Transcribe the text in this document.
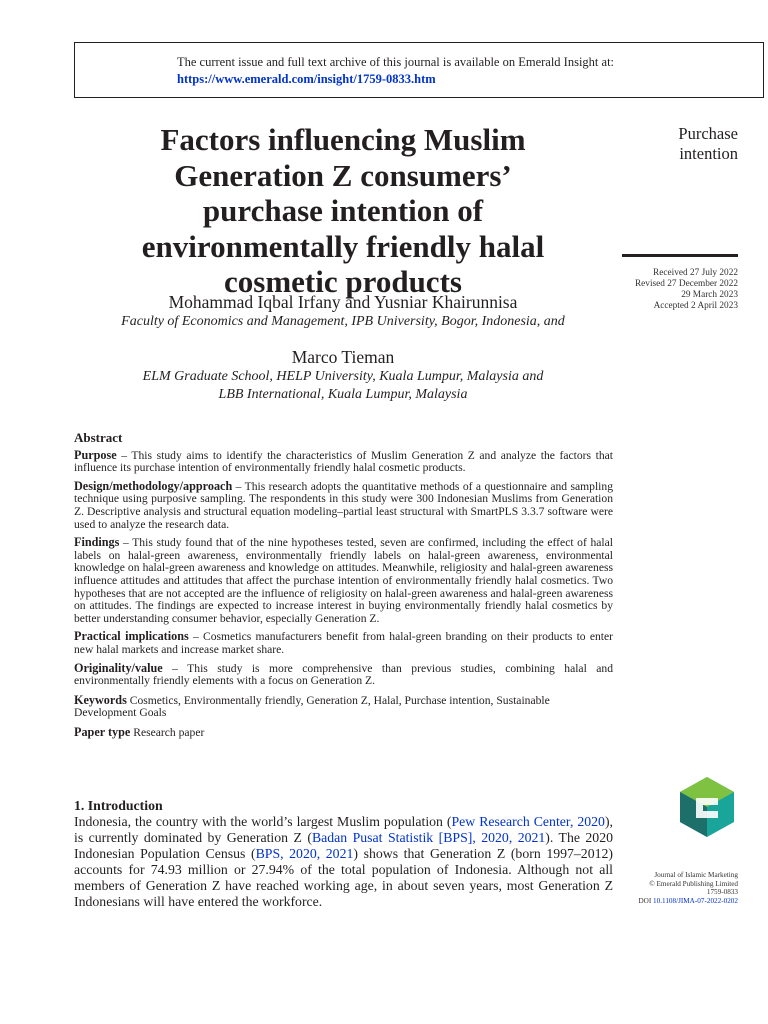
The current issue and full text archive of this journal is available on Emerald Insight at:
https://www.emerald.com/insight/1759-0833.htm
Factors influencing Muslim
Generation Z consumers’
purchase intention of
environmentally friendly halal
cosmetic products
Mohammad Iqbal Irfany and Yusniar Khairunnisa
Faculty of Economics and Management, IPB University, Bogor, Indonesia, and
Marco Tieman
ELM Graduate School, HELP University, Kuala Lumpur, Malaysia and
LBB International, Kuala Lumpur, Malaysia
Purchase
intention
Received 27 July 2022
Revised 27 December 2022
29 March 2023
Accepted 2 April 2023
Abstract

Purpose – This study aims to identify the characteristics of Muslim Generation Z and analyze the factors that influence its purchase intention of environmentally friendly halal cosmetic products.

Design/methodology/approach – This research adopts the quantitative methods of a questionnaire and sampling technique using purposive sampling. The respondents in this study were 300 Indonesian Muslims from Generation Z. Descriptive analysis and structural equation modeling–partial least structural with SmartPLS 3.3.7 software were used to analyze the research data.

Findings – This study found that of the nine hypotheses tested, seven are confirmed, including the effect of halal labels on halal-green awareness, environmentally friendly labels on halal-green awareness, environmental knowledge on halal-green awareness and knowledge on attitudes. Meanwhile, religiosity and halal-green awareness influence attitudes and attitudes that affect the purchase intention of environmentally friendly halal cosmetics. Two hypotheses that are not accepted are the influence of religiosity on halal-green awareness and halal-green awareness on attitudes. The findings are expected to increase interest in buying environmentally friendly halal cosmetics by better understanding consumer behavior, especially Generation Z.

Practical implications – Cosmetics manufacturers benefit from halal-green branding on their products to enter new halal markets and increase market share.

Originality/value – This study is more comprehensive than previous studies, combining halal and environmentally friendly elements with a focus on Generation Z.

Keywords Cosmetics, Environmentally friendly, Generation Z, Halal, Purchase intention, Sustainable Development Goals

Paper type Research paper

1. Introduction

Indonesia, the country with the world’s largest Muslim population (Pew Research Center, 2020), is currently dominated by Generation Z (Badan Pusat Statistik [BPS], 2020, 2021). The 2020 Indonesian Population Census (BPS, 2020, 2021) shows that Generation Z (born 1997–2012) accounts for 74.93 million or 27.94% of the total population of Indonesia. Although not all members of Generation Z have reached working age, in about seven years, most Generation Z Indonesians will have entered the workforce.

Journal of Islamic Marketing
© Emerald Publishing Limited
1759-0833
DOI 10.1108/JIMA-07-2022-0202
